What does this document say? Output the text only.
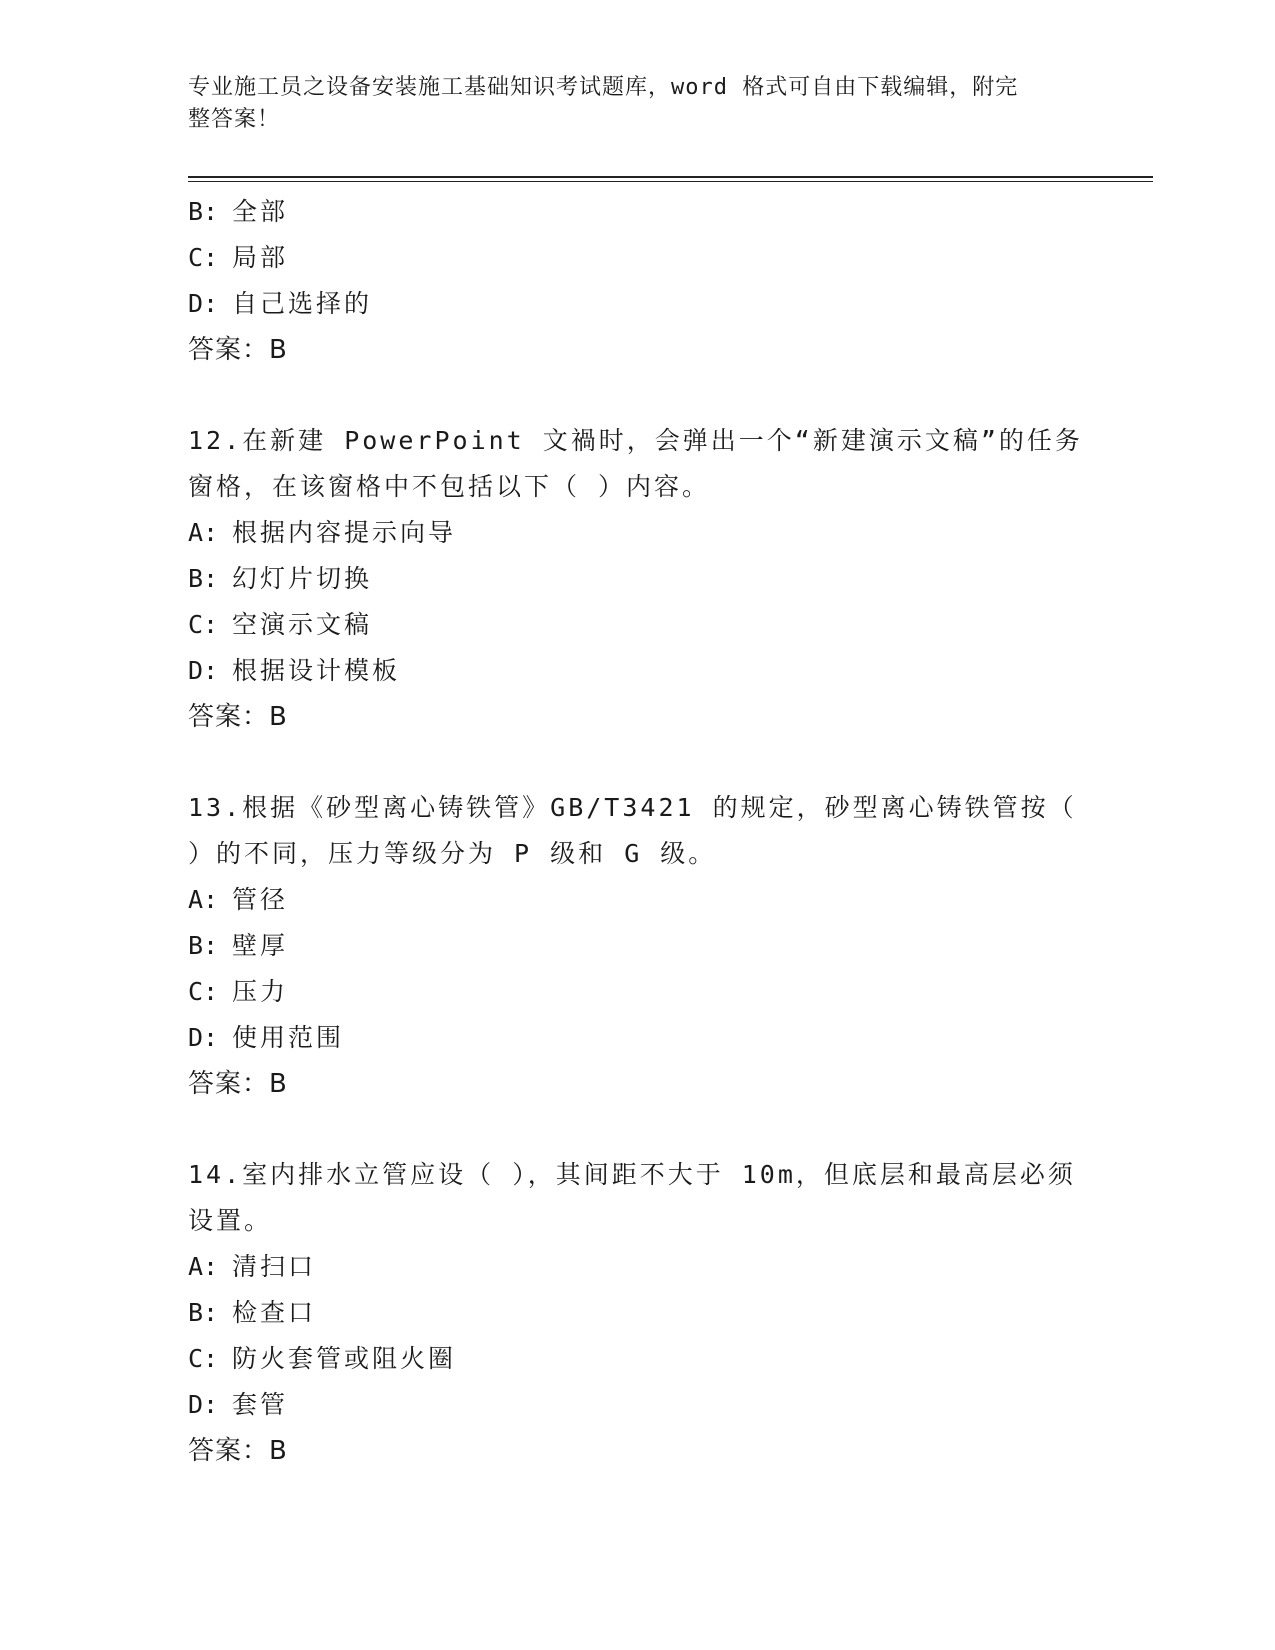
专业施工员之设备安装施工基础知识考试题库，word 格式可自由下载编辑，附完
整答案！
B: 全部
C: 局部
D: 自己选择的
答案：B
12.在新建 PowerPoint 文禍时，会弹出一个“新建演示文稿”的任务
窗格，在该窗格中不包括以下（ ）内容。
A: 根据内容提示向导
B: 幻灯片切换
C: 空演示文稿
D: 根据设计模板
答案：B
13.根据《砂型离心铸铁管》GB/T3421 的规定，砂型离心铸铁管按（
）的不同，压力等级分为 P 级和 G 级。
A: 管径
B: 壁厚
C: 压力
D: 使用范围
答案：B
14.室内排水立管应设（ ），其间距不大于 10m，但底层和最高层必须
设置。
A: 清扫口
B: 检查口
C: 防火套管或阻火圈
D: 套管
答案：B
